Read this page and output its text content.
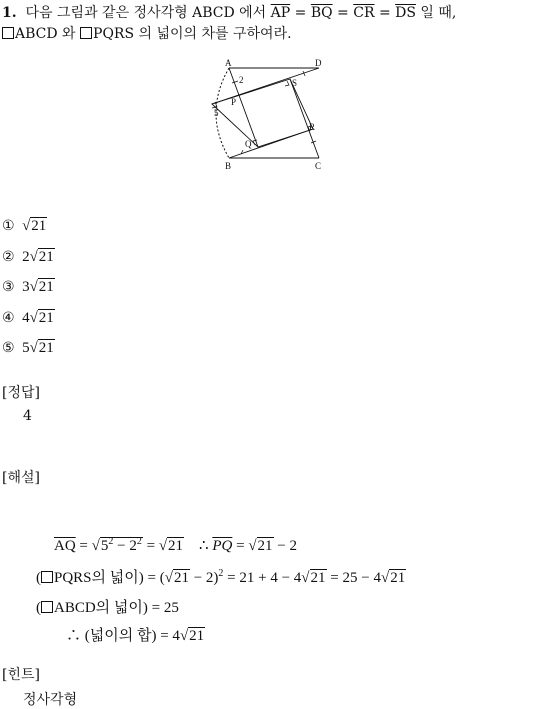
1. 다음 그림과 같은 정사각형 ABCD 에서 $\overline{AP} = \overline{BQ} = \overline{CR} = \overline{DS}$ 일 때,
ABCD 와 PQRS 의 넓이의 차를 구하여라.
A	D
B	C
P
Q
R
S
2
5
① √21
② 2√21
③ 3√21
④ 4√21
⑤ 5√21
[정답]
4
[해설]
$\overline{AQ} = √5^2 - 2^2 = √21$ ∴ $\overline{PQ} = √21 - 2$
( PQRS의 넓이) = $(√21 - 2)^2 = 21 + 4 - 4√21 = 25 - 4√21$
( ABCD의 넓이) = 25
∴ (넓이의 합) = 4√21
[힌트]
정사각형
